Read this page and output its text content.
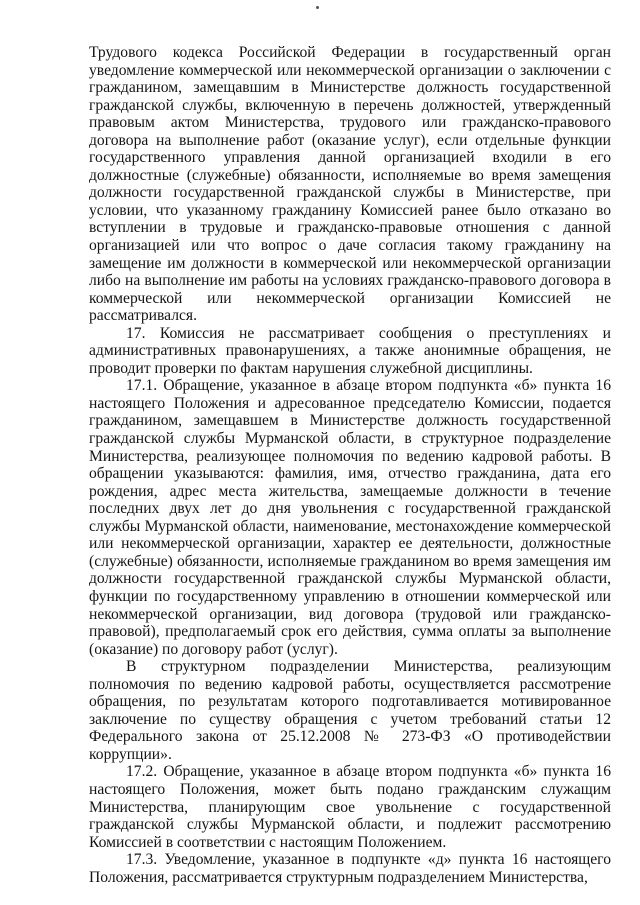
Трудового кодекса Российской Федерации в государственный орган уведомление коммерческой или некоммерческой организации о заключении с гражданином, замещавшим в Министерстве должность государственной гражданской службы, включенную в перечень должностей, утвержденный правовым актом Министерства, трудового или гражданско-правового договора на выполнение работ (оказание услуг), если отдельные функции государственного управления данной организацией входили в его должностные (служебные) обязанности, исполняемые во время замещения должности государственной гражданской службы в Министерстве, при условии, что указанному гражданину Комиссией ранее было отказано во вступлении в трудовые и гражданско-правовые отношения с данной организацией или что вопрос о даче согласия такому гражданину на замещение им должности в коммерческой или некоммерческой организации либо на выполнение им работы на условиях гражданско-правового договора в коммерческой или некоммерческой организации Комиссией не рассматривался.

17. Комиссия не рассматривает сообщения о преступлениях и административных правонарушениях, а также анонимные обращения, не проводит проверки по фактам нарушения служебной дисциплины.

17.1. Обращение, указанное в абзаце втором подпункта «б» пункта 16 настоящего Положения и адресованное председателю Комиссии, подается гражданином, замещавшем в Министерстве должность государственной гражданской службы Мурманской области, в структурное подразделение Министерства, реализующее полномочия по ведению кадровой работы. В обращении указываются: фамилия, имя, отчество гражданина, дата его рождения, адрес места жительства, замещаемые должности в течение последних двух лет до дня увольнения с государственной гражданской службы Мурманской области, наименование, местонахождение коммерческой или некоммерческой организации, характер ее деятельности, должностные (служебные) обязанности, исполняемые гражданином во время замещения им должности государственной гражданской службы Мурманской области, функции по государственному управлению в отношении коммерческой или некоммерческой организации, вид договора (трудовой или гражданско-правовой), предполагаемый срок его действия, сумма оплаты за выполнение (оказание) по договору работ (услуг).

В структурном подразделении Министерства, реализующим полномочия по ведению кадровой работы, осуществляется рассмотрение обращения, по результатам которого подготавливается мотивированное заключение по существу обращения с учетом требований статьи 12 Федерального закона от 25.12.2008 № 273-ФЗ «О противодействии коррупции».

17.2. Обращение, указанное в абзаце втором подпункта «б» пункта 16 настоящего Положения, может быть подано гражданским служащим Министерства, планирующим свое увольнение с государственной гражданской службы Мурманской области, и подлежит рассмотрению Комиссией в соответствии с настоящим Положением.

17.3. Уведомление, указанное в подпункте «д» пункта 16 настоящего Положения, рассматривается структурным подразделением Министерства,
